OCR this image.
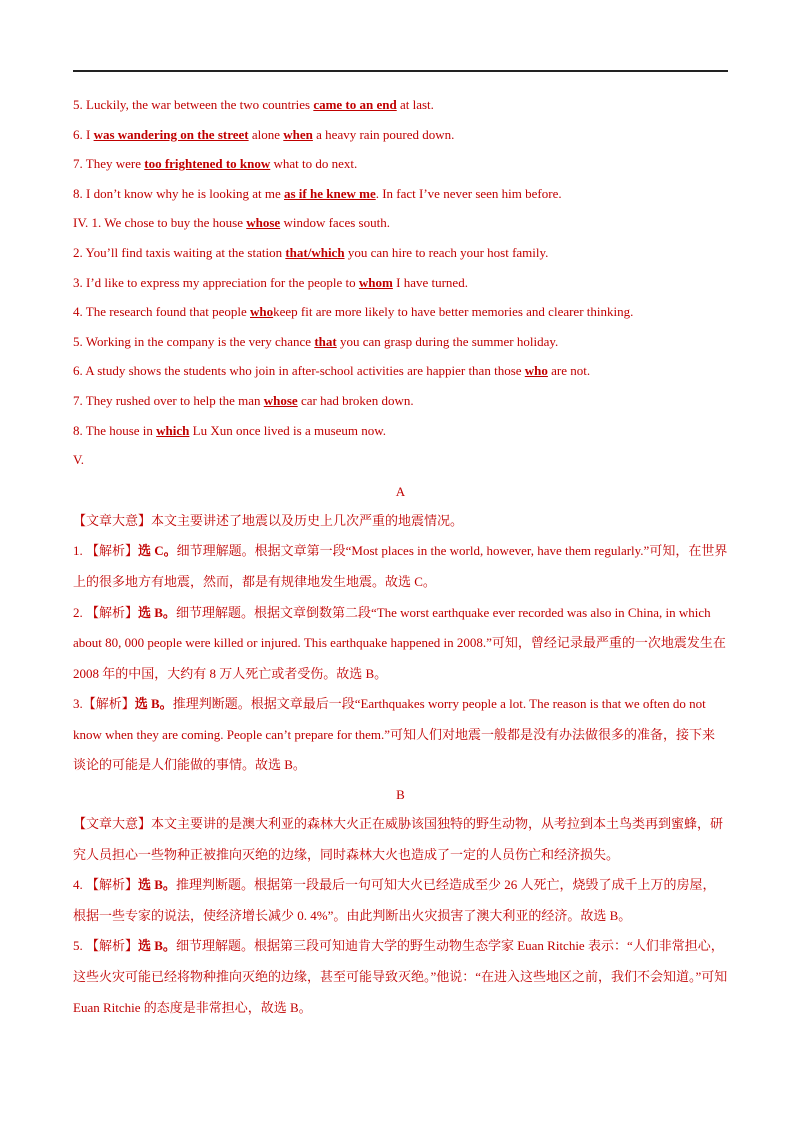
5. Luckily, the war between the two countries came to an end at last.
6. I was wandering on the street alone when a heavy rain poured down.
7. They were too frightened to know what to do next.
8. I don’t know why he is looking at me as if he knew me. In fact I’ve never seen him before.
IV. 1. We chose to buy the house whose window faces south.
2. You’ll find taxis waiting at the station that/which you can hire to reach your host family.
3. I’d like to express my appreciation for the people to whom I have turned.
4. The research found that people whokeep fit are more likely to have better memories and clearer thinking.
5. Working in the company is the very chance that you can grasp during the summer holiday.
6. A study shows the students who join in after-school activities are happier than those who are not.
7. They rushed over to help the man whose car had broken down.
8. The house in which Lu Xun once lived is a museum now.
V.
A
【文章大意】本文主要讲述了地震以及历史上几次严重的地震情况。
1. 【解析】选 C。细节理解题。根据文章第一段“Most places in the world, however, have them regularly.”可知，在世界上的很多地方有地震，然而，都是有规律地发生地震。故选 C。
2. 【解析】选 B。细节理解题。根据文章倒数第二段“The worst earthquake ever recorded was also in China, in which about 80, 000 people were killed or injured. This earthquake happened in 2008.”可知，曾经记录最严重的一次地震发生在 2008 年的中国，大约有 8 万人死亡或者受伤。故选 B。
3.【解析】选 B。推理判断题。根据文章最后一段“Earthquakes worry people a lot. The reason is that we often do not know when they are coming. People can’t prepare for them.”可知人们对地震一般都是没有办法做很多的准备，接下来谈论的可能是人们能做的事情。故选 B。
B
【文章大意】本文主要讲的是澳大利亚的森林大火正在威胁该国独特的野生动物，从考拉到本土鸟类再到蜜蜂，研究人员担心一些物种正被推向灭绝的边缘，同时森林大火也造成了一定的人员伤亡和经济损失。
4. 【解析】选 B。推理判断题。根据第一段最后一句可知大火已经造成至少 26 人死亡，烧毁了成千上万的房屋， 根据一些专家的说法，使经济增长减少 0. 4%”。由此判断出火灾损害了澳大利亚的经济。故选 B。
5. 【解析】选 B。细节理解题。根据第三段可知迪肯大学的野生动物生态学家 Euan Ritchie 表示：“人们非常担心，这些火灾可能已经将物种推向灭绝的边缘，甚至可能导致灭绝。”他说：“在进入这些地区之前，我们不会知道。”可知 Euan Ritchie 的态度是非常担心，故选 B。
